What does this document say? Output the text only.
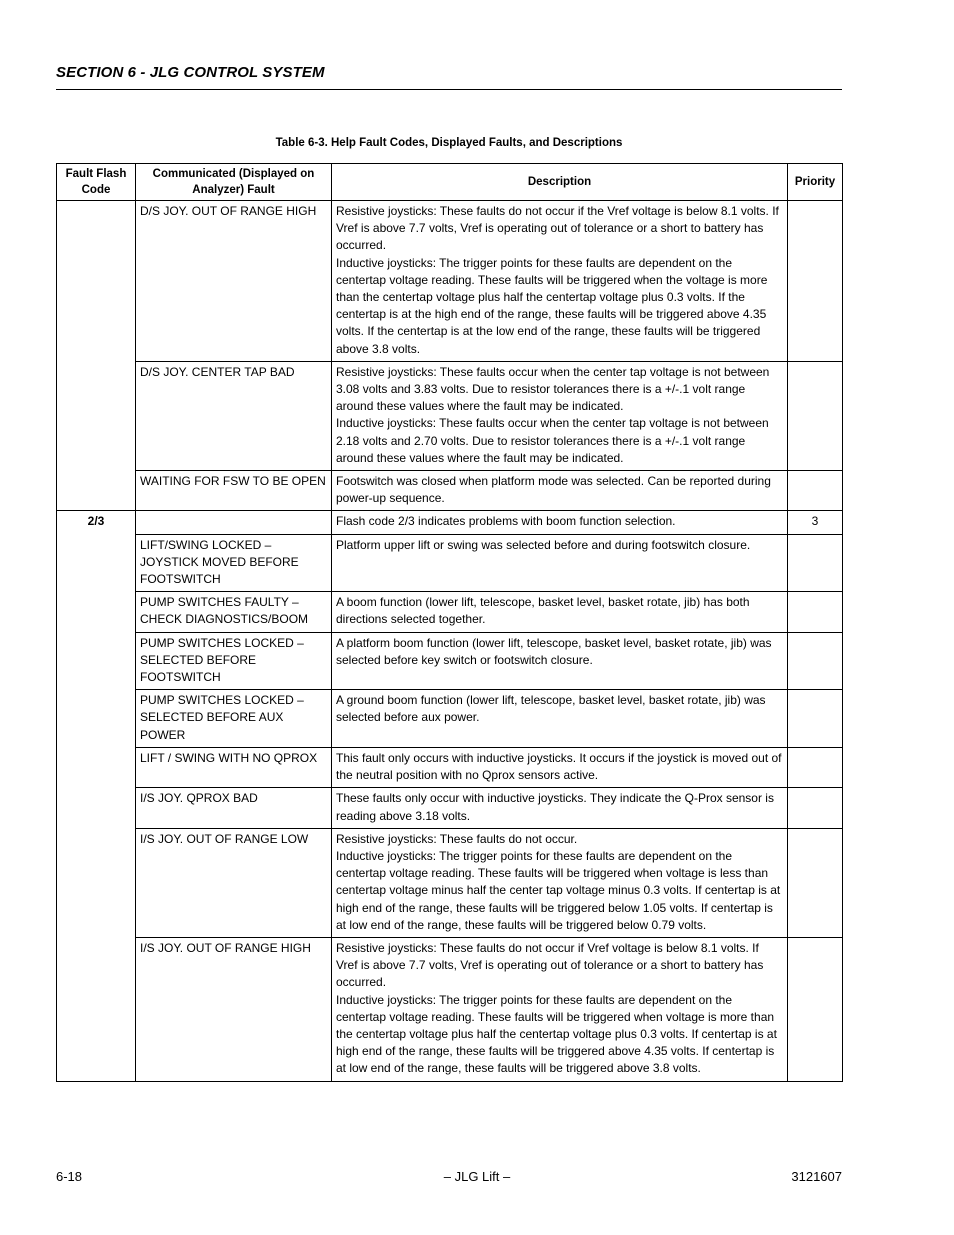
SECTION 6 - JLG CONTROL SYSTEM
Table 6-3. Help Fault Codes, Displayed Faults, and Descriptions
Fault Flash Code	Communicated (Displayed on Analyzer) Fault	Description	Priority
	D/S JOY. OUT OF RANGE HIGH	Resistive joysticks: These faults do not occur if the Vref voltage is below 8.1 volts. If Vref is above 7.7 volts, Vref is operating out of tolerance or a short to battery has occurred.
Inductive joysticks: The trigger points for these faults are dependent on the centertap voltage reading. These faults will be triggered when the voltage is more than the centertap voltage plus half the centertap voltage plus 0.3 volts. If the centertap is at the high end of the range, these faults will be triggered above 4.35 volts. If the centertap is at the low end of the range, these faults will be triggered above 3.8 volts.	

	D/S JOY. CENTER TAP BAD	Resistive joysticks: These faults occur when the center tap voltage is not between 3.08 volts and 3.83 volts. Due to resistor tolerances there is a +/-.1 volt range around these values where the fault may be indicated.
Inductive joysticks: These faults occur when the center tap voltage is not between 2.18 volts and 2.70 volts. Due to resistor tolerances there is a +/-.1 volt range around these values where the fault may be indicated.	

	WAITING FOR FSW TO BE OPEN	Footswitch was closed when platform mode was selected. Can be reported during power-up sequence.	

2/3		Flash code 2/3 indicates problems with boom function selection.	3
	LIFT/SWING LOCKED – JOYSTICK MOVED BEFORE FOOTSWITCH	Platform upper lift or swing was selected before and during footswitch closure.	

	PUMP SWITCHES FAULTY – CHECK DIAGNOSTICS/BOOM	A boom function (lower lift, telescope, basket level, basket rotate, jib) has both directions selected together.	

	PUMP SWITCHES LOCKED – SELECTED BEFORE FOOTSWITCH	A platform boom function (lower lift, telescope, basket level, basket rotate, jib) was selected before key switch or footswitch closure.	

	PUMP SWITCHES LOCKED – SELECTED BEFORE AUX POWER	A ground boom function (lower lift, telescope, basket level, basket rotate, jib) was selected before aux power.	

	LIFT / SWING WITH NO QPROX	This fault only occurs with inductive joysticks. It occurs if the joystick is moved out of the neutral position with no Qprox sensors active.	

	I/S JOY. QPROX BAD	These faults only occur with inductive joysticks. They indicate the Q-Prox sensor is reading above 3.18 volts.	

	I/S JOY. OUT OF RANGE LOW	Resistive joysticks: These faults do not occur.
Inductive joysticks: The trigger points for these faults are dependent on the centertap voltage reading. These faults will be triggered when voltage is less than centertap voltage minus half the center tap voltage minus 0.3 volts. If centertap is at high end of the range, these faults will be triggered below 1.05 volts. If centertap is at low end of the range, these faults will be triggered below 0.79 volts.	

	I/S JOY. OUT OF RANGE HIGH	Resistive joysticks: These faults do not occur if Vref voltage is below 8.1 volts. If Vref is above 7.7 volts, Vref is operating out of tolerance or a short to battery has occurred.
Inductive joysticks: The trigger points for these faults are dependent on the centertap voltage reading. These faults will be triggered when voltage is more than the centertap voltage plus half the centertap voltage plus 0.3 volts. If centertap is at high end of the range, these faults will be triggered above 4.35 volts. If centertap is at low end of the range, these faults will be triggered above 3.8 volts.	

6-18	– JLG Lift –	3121607
